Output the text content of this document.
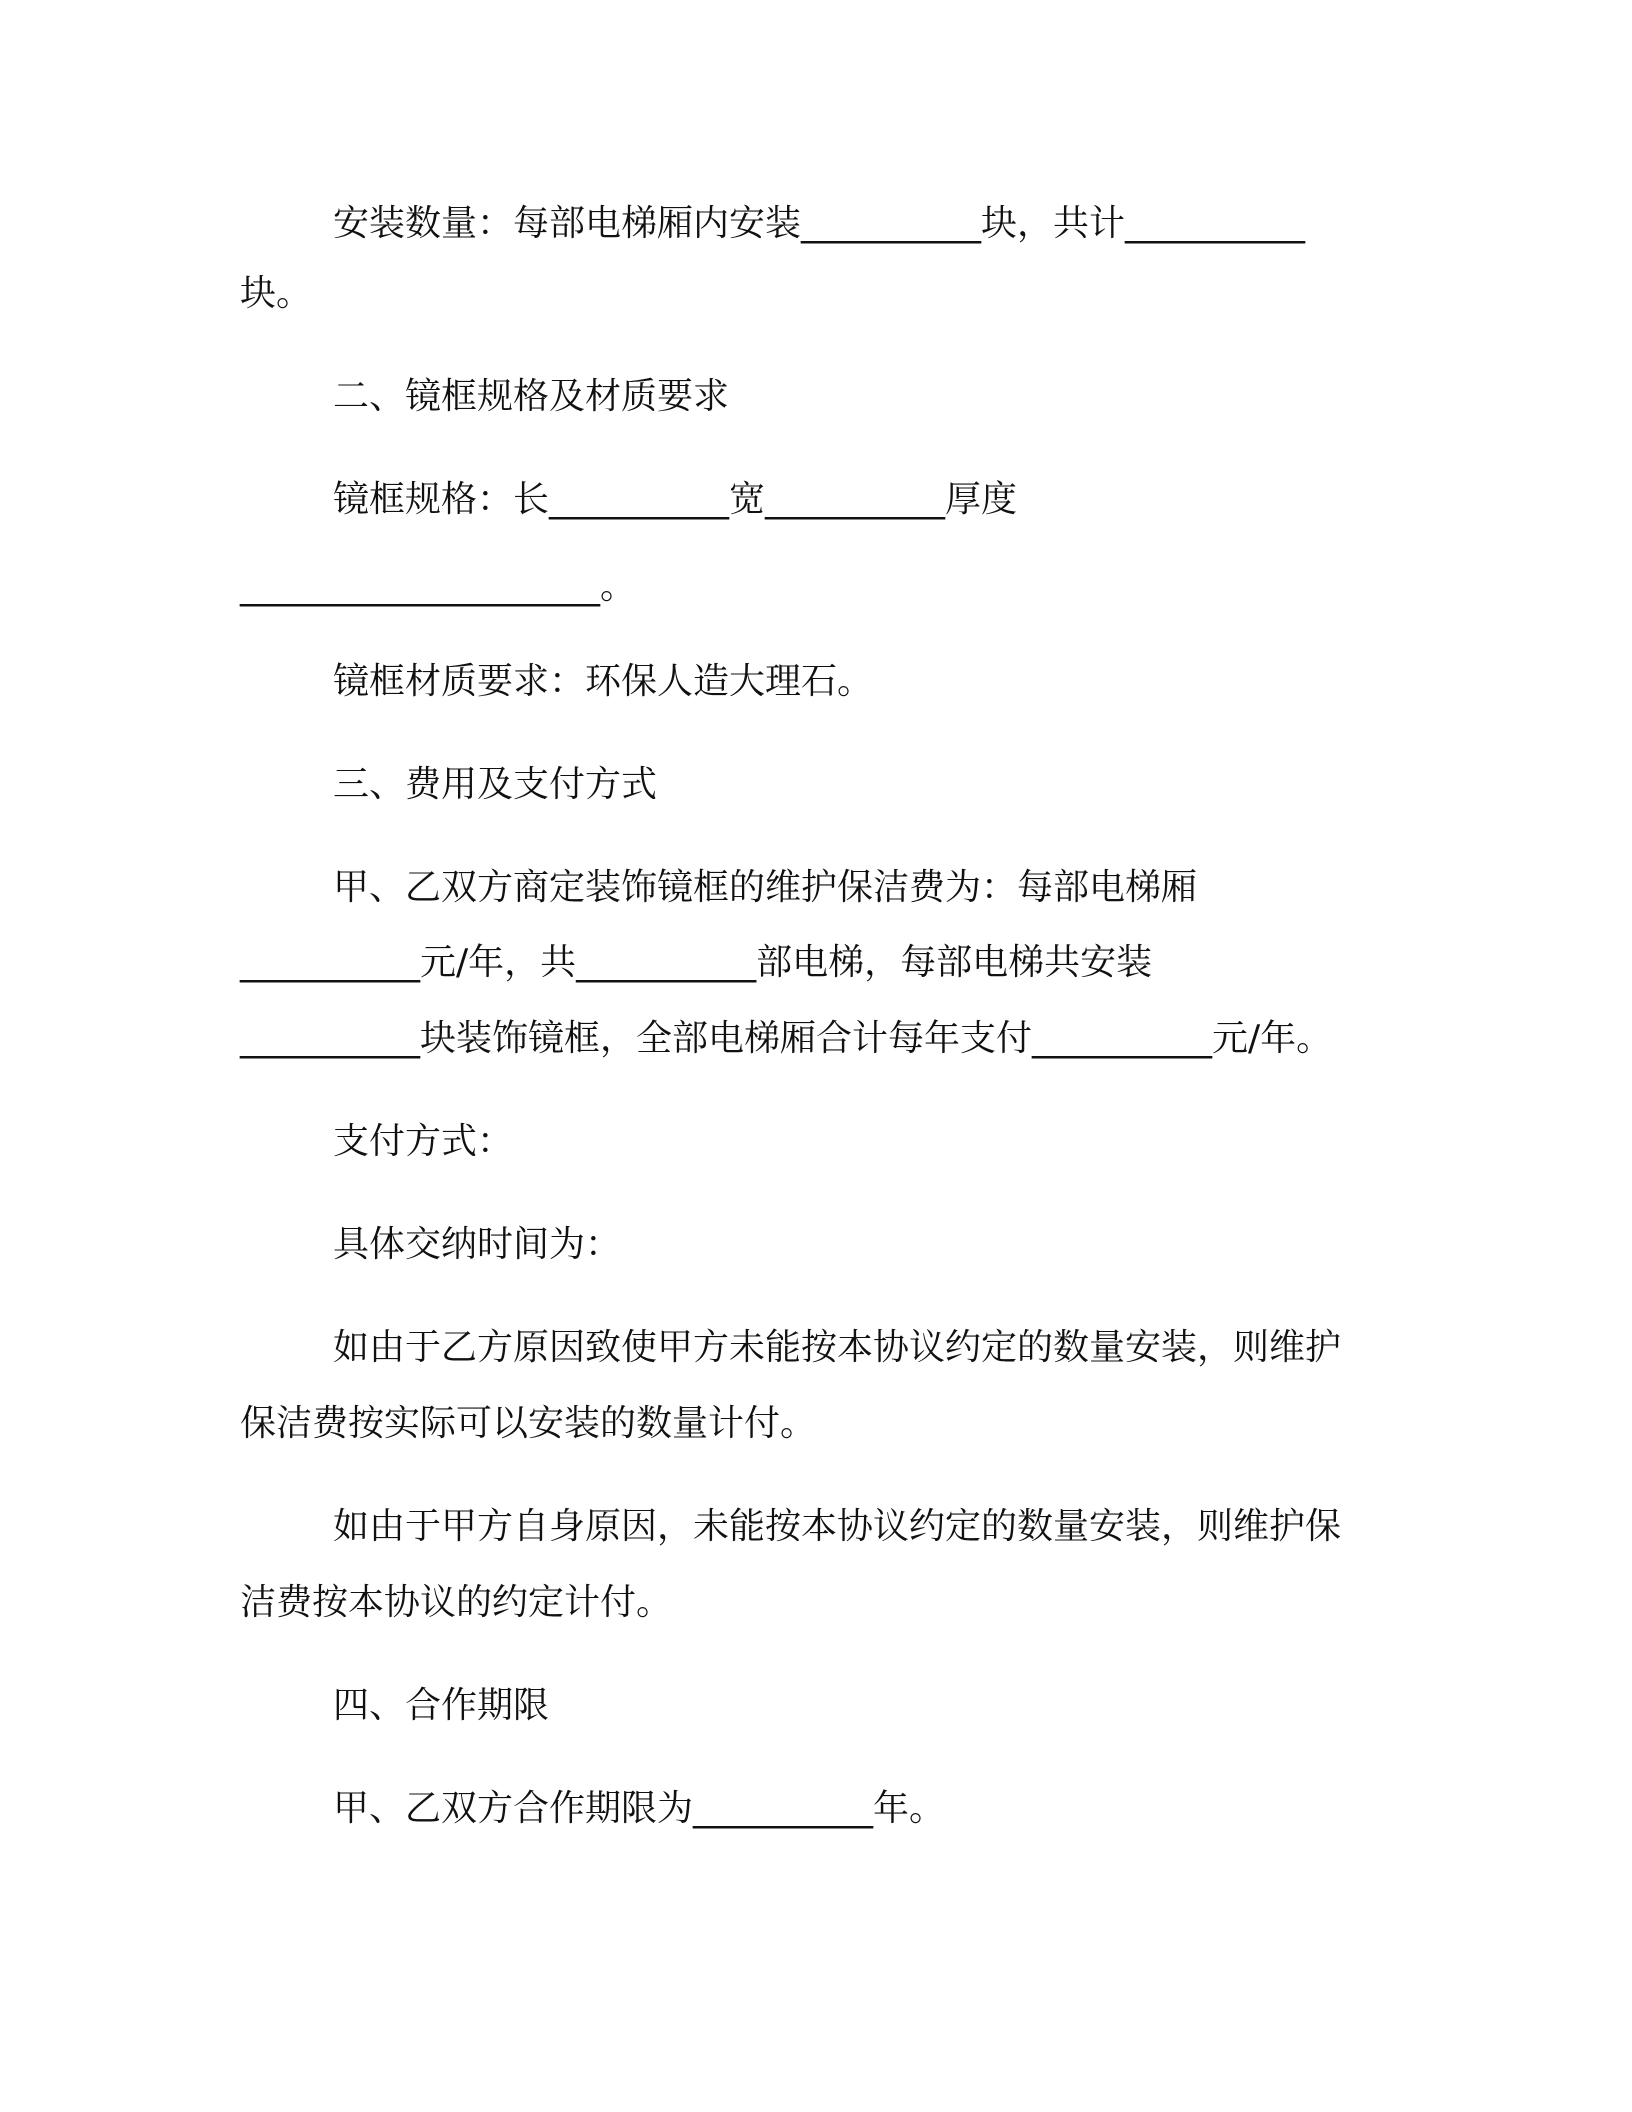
安装数量：每部电梯厢内安装__________块，共计__________
块。
二、镜框规格及材质要求
镜框规格：长__________宽__________厚度
____________________。
镜框材质要求：环保人造大理石。
三、费用及支付方式
甲、乙双方商定装饰镜框的维护保洁费为：每部电梯厢
__________元/年，共__________部电梯，每部电梯共安装
__________块装饰镜框，全部电梯厢合计每年支付__________元/年。
支付方式：
具体交纳时间为：
如由于乙方原因致使甲方未能按本协议约定的数量安装，则维护
保洁费按实际可以安装的数量计付。
如由于甲方自身原因，未能按本协议约定的数量安装，则维护保
洁费按本协议的约定计付。
四、合作期限
甲、乙双方合作期限为__________年。
